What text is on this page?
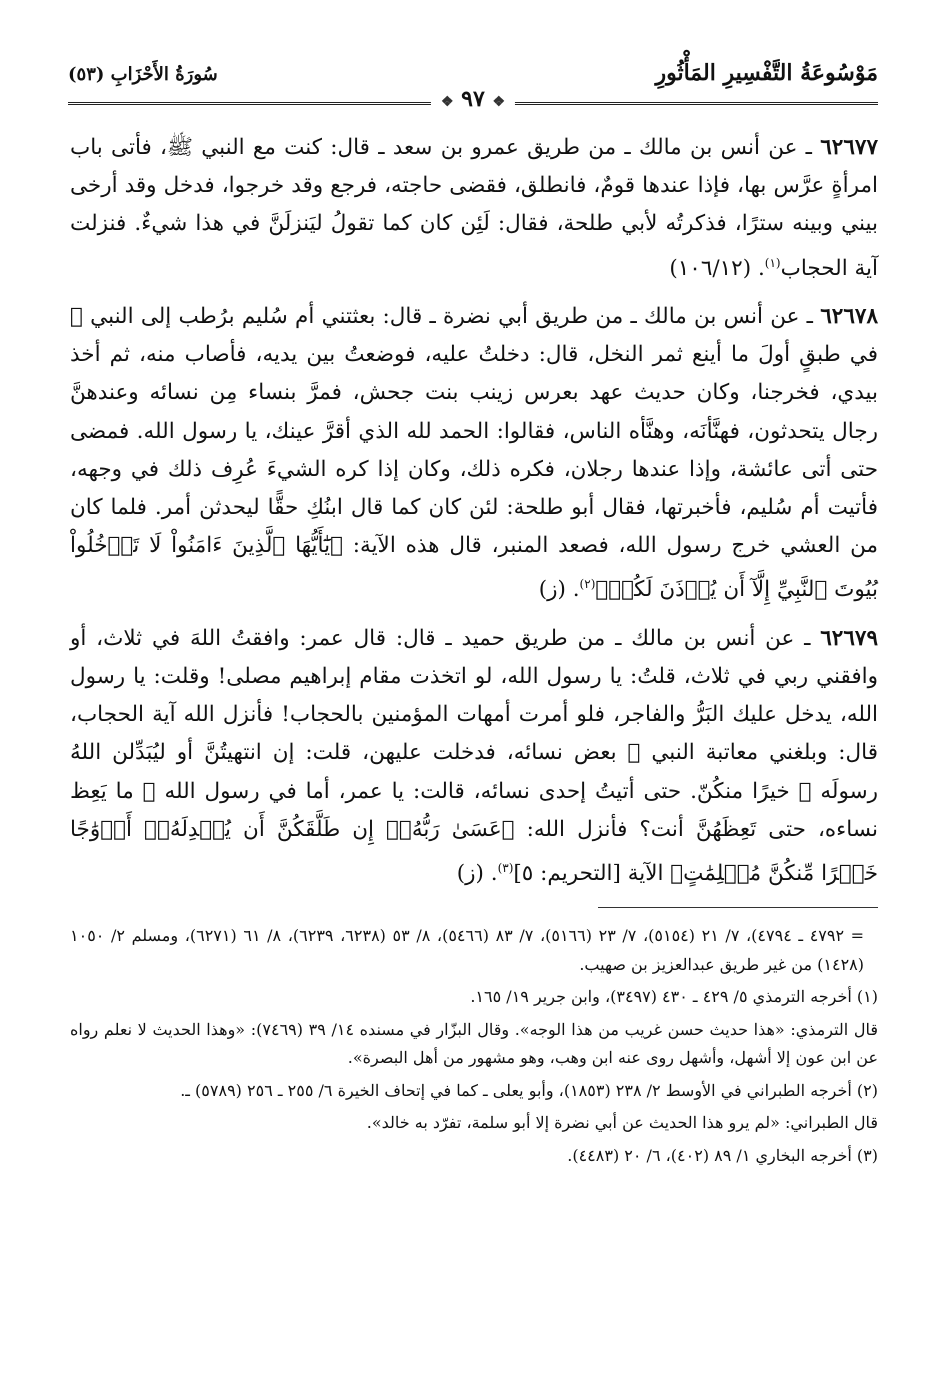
مَوْسُوعَةُ التَّفْسِيرِ المَأْثُورِ
❖ ٩٧ ❖
سُورَةُ الأَحْزَابِ (٥٣)

٦٢٦٧٧ ـ عن أنس بن مالك ـ من طريق عمرو بن سعد ـ قال: كنت مع النبي ﷺ، فأتى باب امرأةٍ عرَّس بها، فإذا عندها قومٌ، فانطلق، فقضى حاجته، فرجع وقد خرجوا، فدخل وقد أرخى بيني وبينه سترًا، فذكرتُه لأبي طلحة، فقال: لَئِن كان كما تقولُ ليَنزلَنَّ في هذا شيءٌ. فنزلت آية الحجاب$^{(١)}$. (١٠٦/١٢)

٦٢٦٧٨ ـ عن أنس بن مالك ـ من طريق أبي نضرة ـ قال: بعثتني أم سُليم برُطب إلى النبي ﷺ في طبقٍ أولَ ما أينع ثمر النخل، قال: دخلتُ عليه، فوضعتُ بين يديه، فأصاب منه، ثم أخذ بيدي، فخرجنا، وكان حديث عهد بعرس زينب بنت جحش، فمرَّ بنساء مِن نسائه وعندهنَّ رجال يتحدثون، فهنَّأنَه، وهنَّأه الناس، فقالوا: الحمد لله الذي أقرَّ عينك، يا رسول الله. فمضى حتى أتى عائشة، وإذا عندها رجلان، فكره ذلك، وكان إذا كره الشيءَ عُرِف ذلك في وجهه، فأتيت أم سُليم، فأخبرتها، فقال أبو طلحة: لئن كان كما قال ابنُكِ حقًّا ليحدثن أمر. فلما كان من العشي خرج رسول الله، فصعد المنبر، قال هذه الآية: ﴿يَٰٓأَيُّهَا ٱلَّذِينَ ءَامَنُواْ لَا تَدۡخُلُواْ بُيُوتَ ٱلنَّبِيِّ إِلَّآ أَن يُؤۡذَنَ لَكُمۡ﴾$^{(٢)}$. (ز)

٦٢٦٧٩ ـ عن أنس بن مالك ـ من طريق حميد ـ قال: قال عمر: وافقتُ اللهَ في ثلاث، أو وافقني ربي في ثلاث، قلتُ: يا رسول الله، لو اتخذت مقام إبراهيم مصلى! وقلت: يا رسول الله، يدخل عليك البَرُّ والفاجر، فلو أمرت أمهات المؤمنين بالحجاب! فأنزل الله آية الحجاب، قال: وبلغني معاتبة النبي ﷺ بعض نسائه، فدخلت عليهن، قلت: إن انتهيتُنَّ أو ليُبَدِّلن اللهُ رسولَه ﷺ خيرًا منكُنّ. حتى أتيتُ إحدى نسائه، قالت: يا عمر، أما في رسول الله ﷺ ما يَعِظ نساءه، حتى تَعِظَهُنَّ أنت؟ فأنزل الله: ﴿عَسَىٰ رَبُّهُۥٓ إِن طَلَّقَكُنَّ أَن يُبۡدِلَهُۥٓ أَزۡوَٰجًا خَيۡرًا مِّنكُنَّ مُسۡلِمَٰتٍ﴾ الآية [التحريم: ٥]$^{(٣)}$. (ز)

= ٤٧٩٢ ـ ٤٧٩٤)، ٧/ ٢١ (٥١٥٤)، ٧/ ٢٣ (٥١٦٦)، ٧/ ٨٣ (٥٤٦٦)، ٨/ ٥٣ (٦٢٣٨، ٦٢٣٩)، ٨/ ٦١ (٦٢٧١)، ومسلم ٢/ ١٠٥٠ (١٤٢٨) من غير طريق عبدالعزيز بن صهيب.

(١) أخرجه الترمذي ٥/ ٤٢٩ ـ ٤٣٠ (٣٤٩٧)، وابن جرير ١٩/ ١٦٥.

قال الترمذي: «هذا حديث حسن غريب من هذا الوجه». وقال البزّار في مسنده ١٤/ ٣٩ (٧٤٦٩): «وهذا الحديث لا نعلم رواه عن ابن عون إلا أشهل، وأشهل روى عنه ابن وهب، وهو مشهور من أهل البصرة».

(٢) أخرجه الطبراني في الأوسط ٢/ ٢٣٨ (١٨٥٣)، وأبو يعلى ـ كما في إتحاف الخيرة ٦/ ٢٥٥ ـ ٢٥٦ (٥٧٨٩) ـ.

قال الطبراني: «لم يرو هذا الحديث عن أبي نضرة إلا أبو سلمة، تفرّد به خالد».

(٣) أخرجه البخاري ١/ ٨٩ (٤٠٢)، ٦/ ٢٠ (٤٤٨٣).
